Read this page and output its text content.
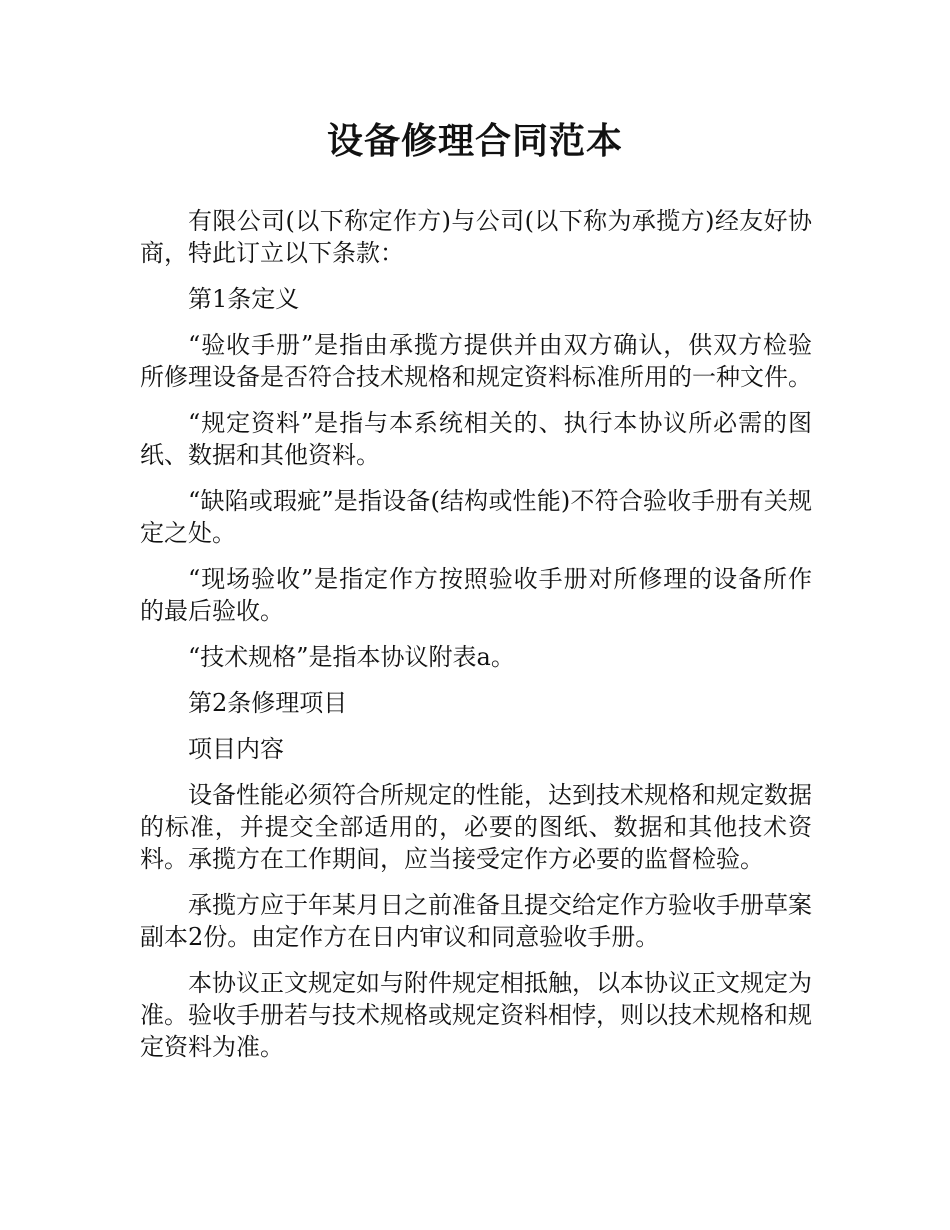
设备修理合同范本

有限公司(以下称定作方)与公司(以下称为承揽方)经友好协商，特此订立以下条款：

第1条定义

“验收手册”是指由承揽方提供并由双方确认，供双方检验所修理设备是否符合技术规格和规定资料标准所用的一种文件。

“规定资料”是指与本系统相关的、执行本协议所必需的图纸、数据和其他资料。

“缺陷或瑕疵”是指设备(结构或性能)不符合验收手册有关规定之处。

“现场验收”是指定作方按照验收手册对所修理的设备所作的最后验收。

“技术规格”是指本协议附表a。

第2条修理项目

项目内容

设备性能必须符合所规定的性能，达到技术规格和规定数据的标准，并提交全部适用的，必要的图纸、数据和其他技术资料。承揽方在工作期间，应当接受定作方必要的监督检验。

承揽方应于年某月日之前准备且提交给定作方验收手册草案副本2份。由定作方在日内审议和同意验收手册。

本协议正文规定如与附件规定相抵触，以本协议正文规定为准。验收手册若与技术规格或规定资料相悖，则以技术规格和规定资料为准。
